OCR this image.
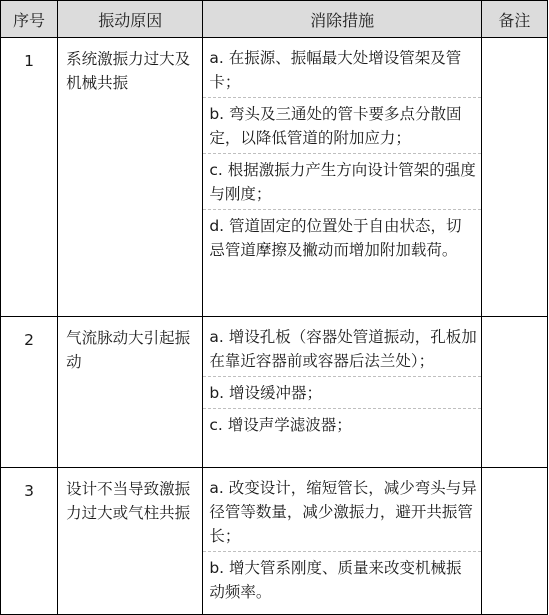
序号	振动原因	消除措施	备注
1	系统激振力过大及机械共振	a. 在振源、振幅最大处增设管架及管卡；
b. 弯头及三通处的管卡要多点分散固定，以降低管道的附加应力；
c. 根据激振力产生方向设计管架的强度与刚度；
d. 管道固定的位置处于自由状态，切忌管道摩擦及撇动而增加附加载荷。	

2	气流脉动大引起振动	a. 增设孔板（容器处管道振动，孔板加在靠近容器前或容器后法兰处）；
b. 增设缓冲器；
c. 增设声学滤波器；	

3	设计不当导致激振力过大或气柱共振	a. 改变设计，缩短管长，减少弯头与异径管等数量，减少激振力，避开共振管长；
b. 增大管系刚度、质量来改变机械振动频率。	
